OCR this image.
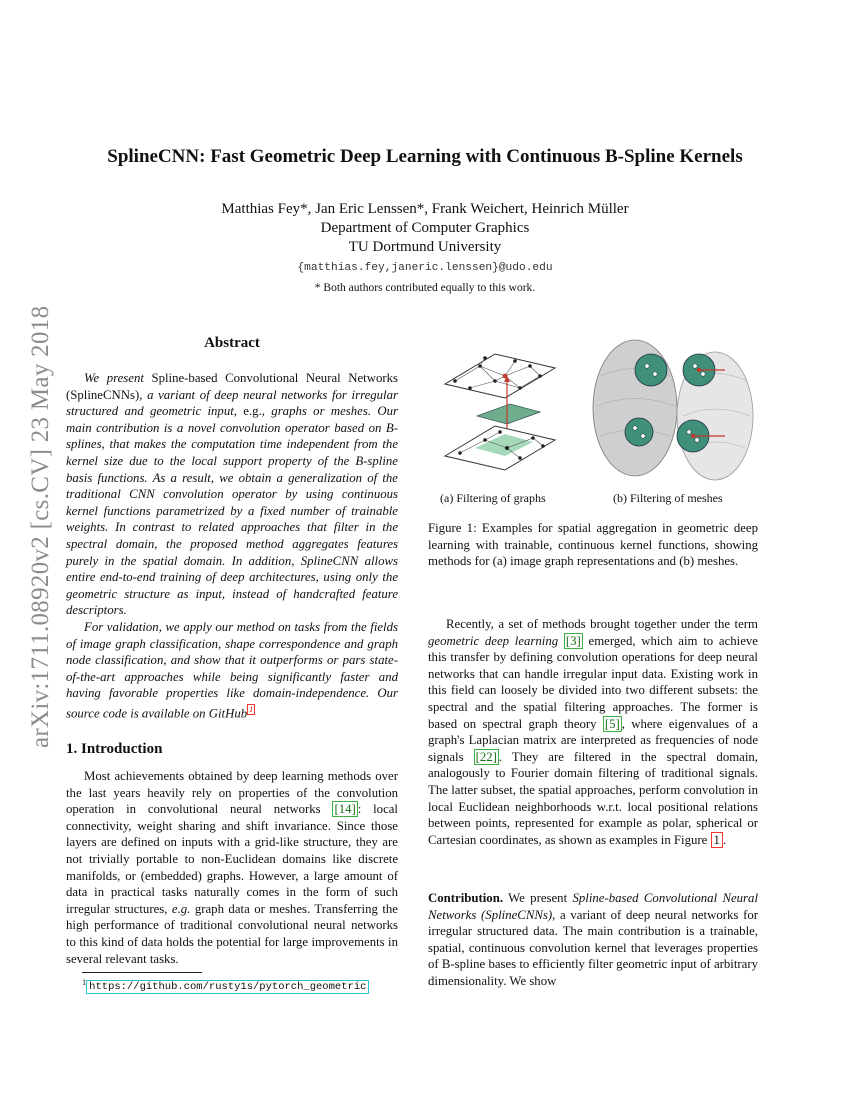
arXiv:1711.08920v2 [cs.CV] 23 May 2018
SplineCNN: Fast Geometric Deep Learning with Continuous B-Spline Kernels
Matthias Fey*, Jan Eric Lenssen*, Frank Weichert, Heinrich Müller
Department of Computer Graphics
TU Dortmund University
{matthias.fey,janeric.lenssen}@udo.edu
* Both authors contributed equally to this work.
Abstract

We present Spline-based Convolutional Neural Networks (SplineCNNs), a variant of deep neural networks for irregular structured and geometric input, e.g., graphs or meshes. Our main contribution is a novel convolution operator based on B-splines, that makes the computation time independent from the kernel size due to the local support property of the B-spline basis functions. As a result, we obtain a generalization of the traditional CNN convolution operator by using continuous kernel functions parametrized by a fixed number of trainable weights. In contrast to related approaches that filter in the spectral domain, the proposed method aggregates features purely in the spatial domain. In addition, SplineCNN allows entire end-to-end training of deep architectures, using only the geometric structure as input, instead of handcrafted feature descriptors.

For validation, we apply our method on tasks from the fields of image graph classification, shape correspondence and graph node classification, and show that it outperforms or pars state-of-the-art approaches while being significantly faster and having favorable properties like domain-independence. Our source code is available on GitHub $^1$

1. Introduction

Most achievements obtained by deep learning methods over the last years heavily rely on properties of the convolution operation in convolutional neural networks [14] : local connectivity, weight sharing and shift invariance. Since those layers are defined on inputs with a grid-like structure, they are not trivially portable to non-Euclidean domains like discrete manifolds, or (embedded) graphs. However, a large amount of data in practical tasks naturally comes in the form of such irregular structures, e.g. graph data or meshes. Transferring the high performance of traditional convolutional neural networks to this kind of data holds the potential for large improvements in several relevant tasks.

$^1$ https://github.com/rusty1s/pytorch_geometric
(a) Filtering of graphs	(b) Filtering of meshes
Figure 1: Examples for spatial aggregation in geometric deep learning with trainable, continuous kernel functions, showing methods for (a) image graph representations and (b) meshes.

Recently, a set of methods brought together under the term geometric deep learning [3] emerged, which aim to achieve this transfer by defining convolution operations for deep neural networks that can handle irregular input data. Existing work in this field can loosely be divided into two different subsets: the spectral and the spatial filtering approaches. The former is based on spectral graph theory [5] , where eigenvalues of a graph's Laplacian matrix are interpreted as frequencies of node signals [22] . They are filtered in the spectral domain, analogously to Fourier domain filtering of traditional signals. The latter subset, the spatial approaches, perform convolution in local Euclidean neighborhoods w.r.t. local positional relations between points, represented for example as polar, spherical or Cartesian coordinates, as shown as examples in Figure 1 .

Contribution. We present Spline-based Convolutional Neural Networks (SplineCNNs), a variant of deep neural networks for irregular structured data. The main contribution is a trainable, spatial, continuous convolution kernel that leverages properties of B-spline bases to efficiently filter geometric input of arbitrary dimensionality. We show
